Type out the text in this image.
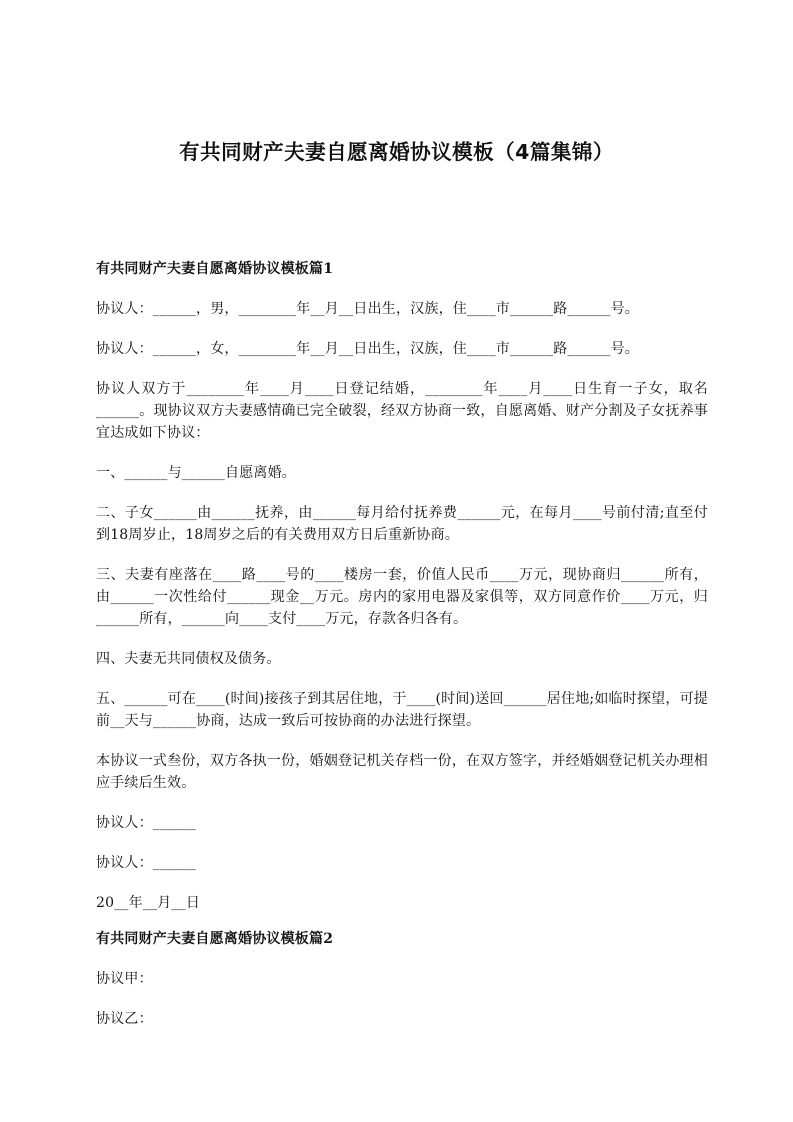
有共同财产夫妻自愿离婚协议模板（4篇集锦）
有共同财产夫妻自愿离婚协议模板篇1

协议人：______，男，________年__月__日出生，汉族，住____市______路______号。

协议人：______，女，________年__月__日出生，汉族，住____市______路______号。

协议人双方于________年____月____日登记结婚，________年____月____日生育一子女，取名______。现协议双方夫妻感情确已完全破裂，经双方协商一致，自愿离婚、财产分割及子女抚养事宜达成如下协议：

一、______与______自愿离婚。

二、子女______由______抚养，由______每月给付抚养费______元，在每月____号前付清;直至付到18周岁止，18周岁之后的有关费用双方日后重新协商。

三、夫妻有座落在____路____号的____楼房一套，价值人民币____万元，现协商归______所有，由______一次性给付______现金__万元。房内的家用电器及家俱等，双方同意作价____万元，归______所有，______向____支付____万元，存款各归各有。

四、夫妻无共同债权及债务。

五、______可在____(时间)接孩子到其居住地，于____(时间)送回______居住地;如临时探望，可提前__天与______协商，达成一致后可按协商的办法进行探望。

本协议一式叁份，双方各执一份，婚姻登记机关存档一份，在双方签字，并经婚姻登记机关办理相应手续后生效。

协议人：______

协议人：______

20__年__月__日

有共同财产夫妻自愿离婚协议模板篇2

协议甲：

协议乙：
